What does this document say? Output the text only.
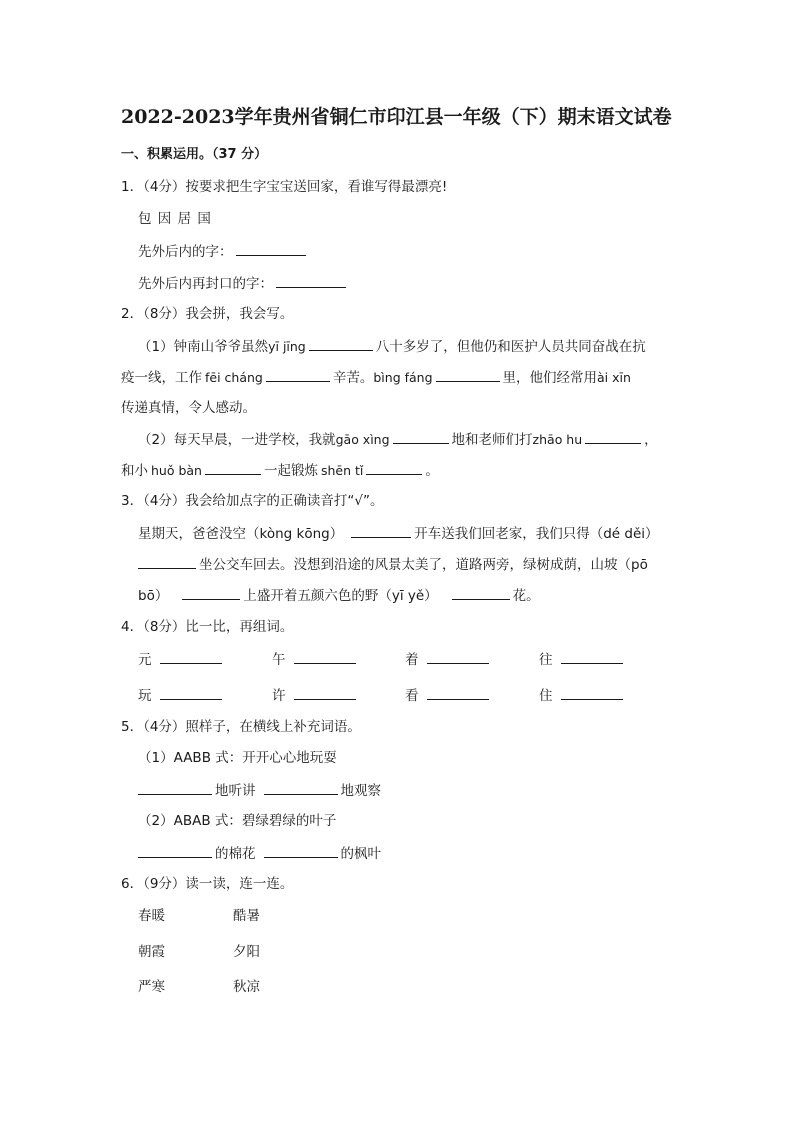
2022-2023学年贵州省铜仁市印江县一年级（下）期末语文试卷
一、积累运用。（37 分）
1．（4分）按要求把生字宝宝送回家，看谁写得最漂亮!
包 因 居 国
先外后内的字：
先外后内再封口的字：
2．（8分）我会拼，我会写。
（1）钟南山爷爷虽然yī jīng	八十多岁了，但他仍和医护人员共同奋战在抗
疫一线，工作 fēi cháng	辛苦。bìng fáng	里，他们经常用ài xīn
传递真情，令人感动。
（2）每天早晨，一进学校，我就gāo xìng	地和老师们打zhāo hu	，
和小 huǒ bàn	一起锻炼 shēn tǐ	。
3．（4分）我会给加点字的正确读音打“√”。
星期天，爸爸没空（kòng kōng）	开车送我们回老家，我们只得（dé děi）
坐公交车回去。没想到沿途的风景太美了，道路两旁，绿树成荫，山坡（pō
bō）	上盛开着五颜六色的野（yī yě）	花。
4．（8分）比一比，再组词。
元	午	着	往
玩	许	看	住
5．（4分）照样子，在横线上补充词语。
（1）AABB 式：开开心心地玩耍
地听讲	地观察
（2）ABAB 式：碧绿碧绿的叶子
的棉花	的枫叶
6．（9分）读一读，连一连。
春暖	酷暑
朝霞	夕阳
严寒	秋凉
